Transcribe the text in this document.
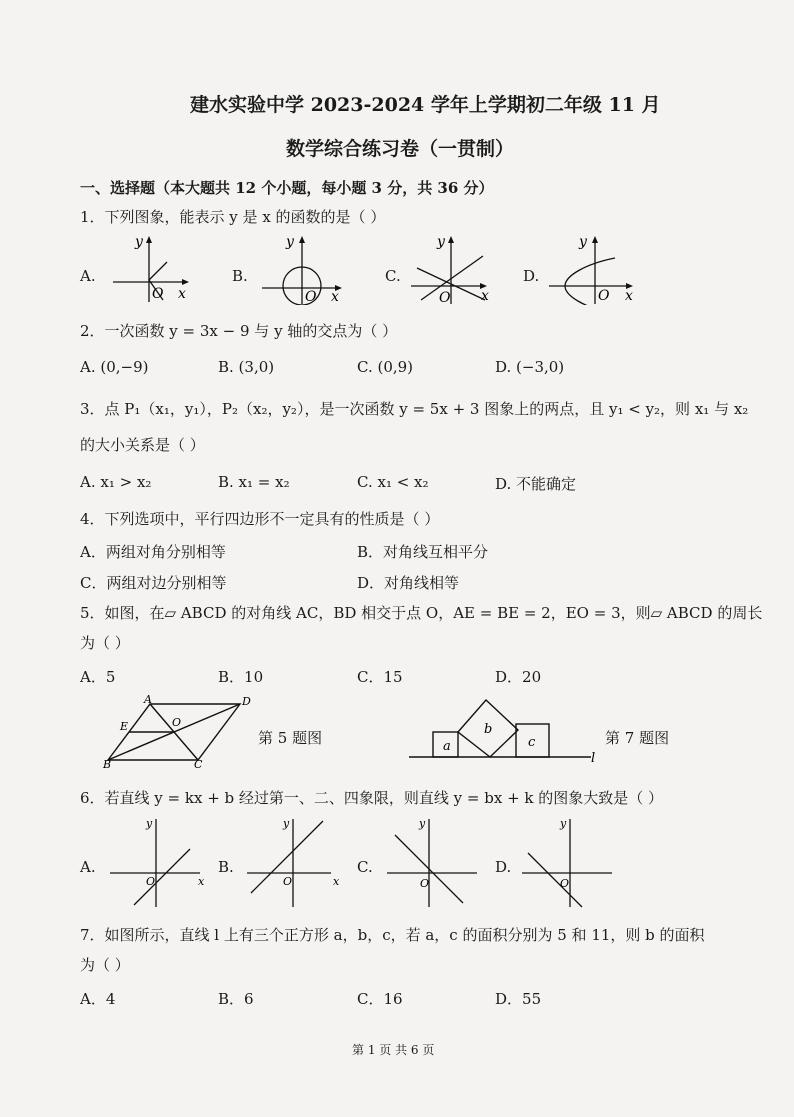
建水实验中学 2023-2024 学年上学期初二年级 11 月
数学综合练习卷（一贯制）
一、选择题（本大题共 12 个小题，每小题 3 分，共 36 分）
1．下列图象，能表示 y 是 x 的函数的是（ ）
A.	B.	C.	D.
y
x
O
y
x
O
y
x
O
y
x
O
2．一次函数 y = 3x − 9 与 y 轴的交点为（ ）
A. (0,−9)	B. (3,0)	C. (0,9)	D. (−3,0)
3．点 P₁（x₁，y₁），P₂（x₂，y₂），是一次函数 y = 5x + 3 图象上的两点，且 y₁ < y₂，则 x₁ 与 x₂
的大小关系是（ ）
A. x₁ > x₂	B. x₁ = x₂	C. x₁ < x₂	D. 不能确定
4．下列选项中，平行四边形不一定具有的性质是（ ）
A．两组对角分别相等	B．对角线互相平分
C．两组对边分别相等	D．对角线相等
5．如图，在▱ ABCD 的对角线 AC，BD 相交于点 O，AE = BE = 2，EO = 3，则▱ ABCD 的周长
为（ ）
A．5	B．10	C．15	D．20
A	D
B	C
E	O
第 5 题图	a
b
c
l
第 7 题图
6．若直线 y = kx + b 经过第一、二、四象限，则直线 y = bx + k 的图象大致是（ ）
A.	B.	C.	D.
y
x
O
y
x
O
y
O
y
O
7．如图所示，直线 l 上有三个正方形 a，b，c，若 a，c 的面积分别为 5 和 11，则 b 的面积
为（ ）
A．4	B．6	C．16	D．55
第 1 页 共 6 页
